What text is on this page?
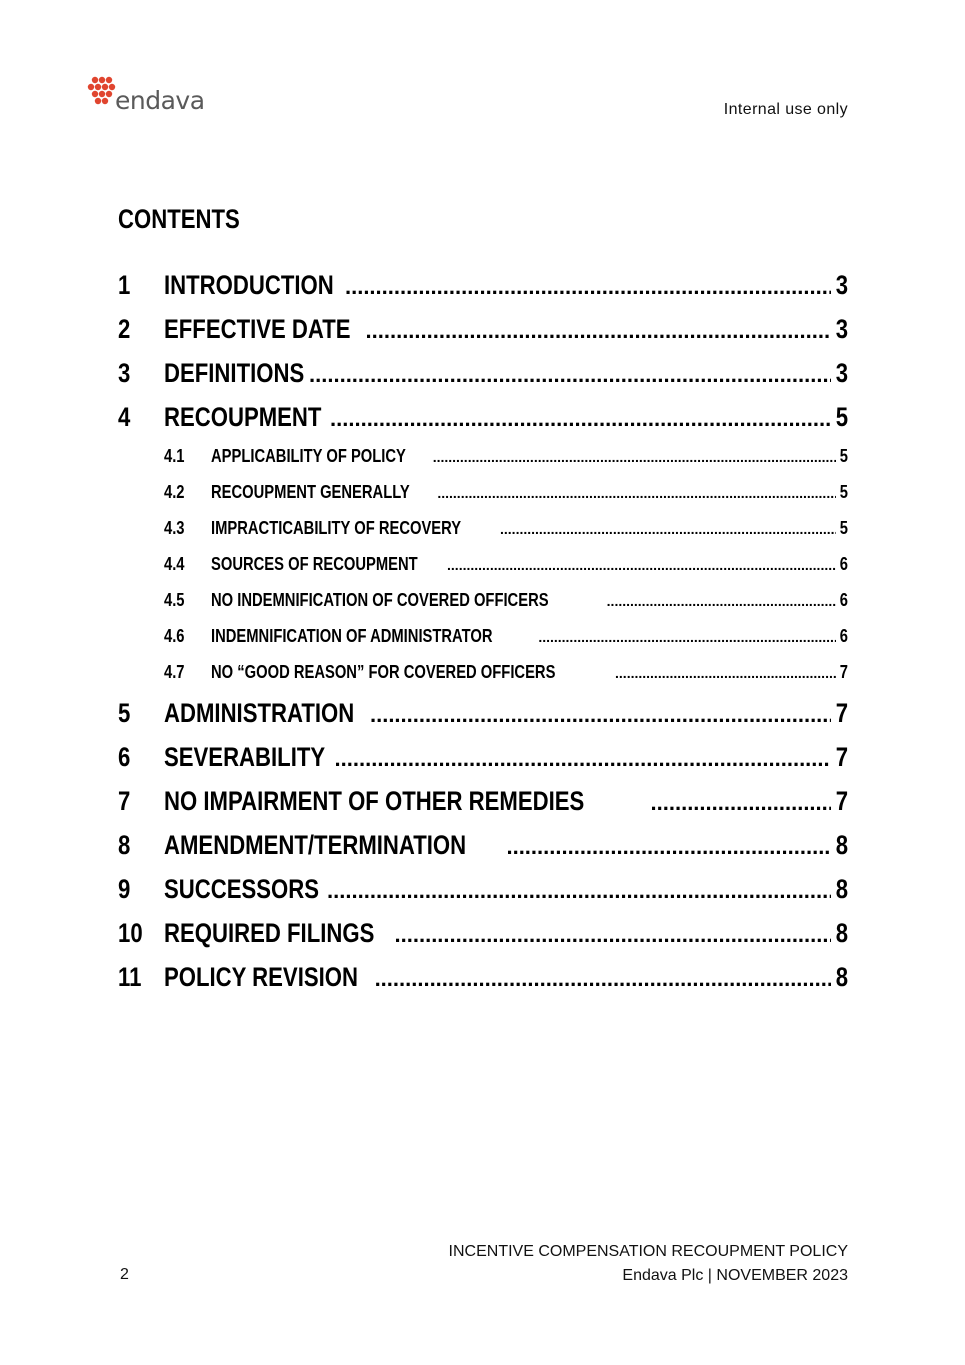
endava	Internal use only
CONTENTS
1	INTRODUCTION .....	3
2	EFFECTIVE DATE .....	3
3	DEFINITIONS .....	3
4	RECOUPMENT .....	5
4.1	APPLICABILITY OF POLICY .....	5
4.2	RECOUPMENT GENERALLY .....	5
4.3	IMPRACTICABILITY OF RECOVERY .....	5
4.4	SOURCES OF RECOUPMENT .....	6
4.5	NO INDEMNIFICATION OF COVERED OFFICERS .....	6
4.6	INDEMNIFICATION OF ADMINISTRATOR .....	6
4.7	NO “GOOD REASON” FOR COVERED OFFICERS .....	7
5	ADMINISTRATION .....	7
6	SEVERABILITY .....	7
7	NO IMPAIRMENT OF OTHER REMEDIES .....	7
8	AMENDMENT/TERMINATION .....	8
9	SUCCESSORS .....	8
10 REQUIRED FILINGS .....	8
11 POLICY REVISION .....	8
INCENTIVE COMPENSATION RECOUPMENT POLICY
Endava Plc | NOVEMBER 2023
2
